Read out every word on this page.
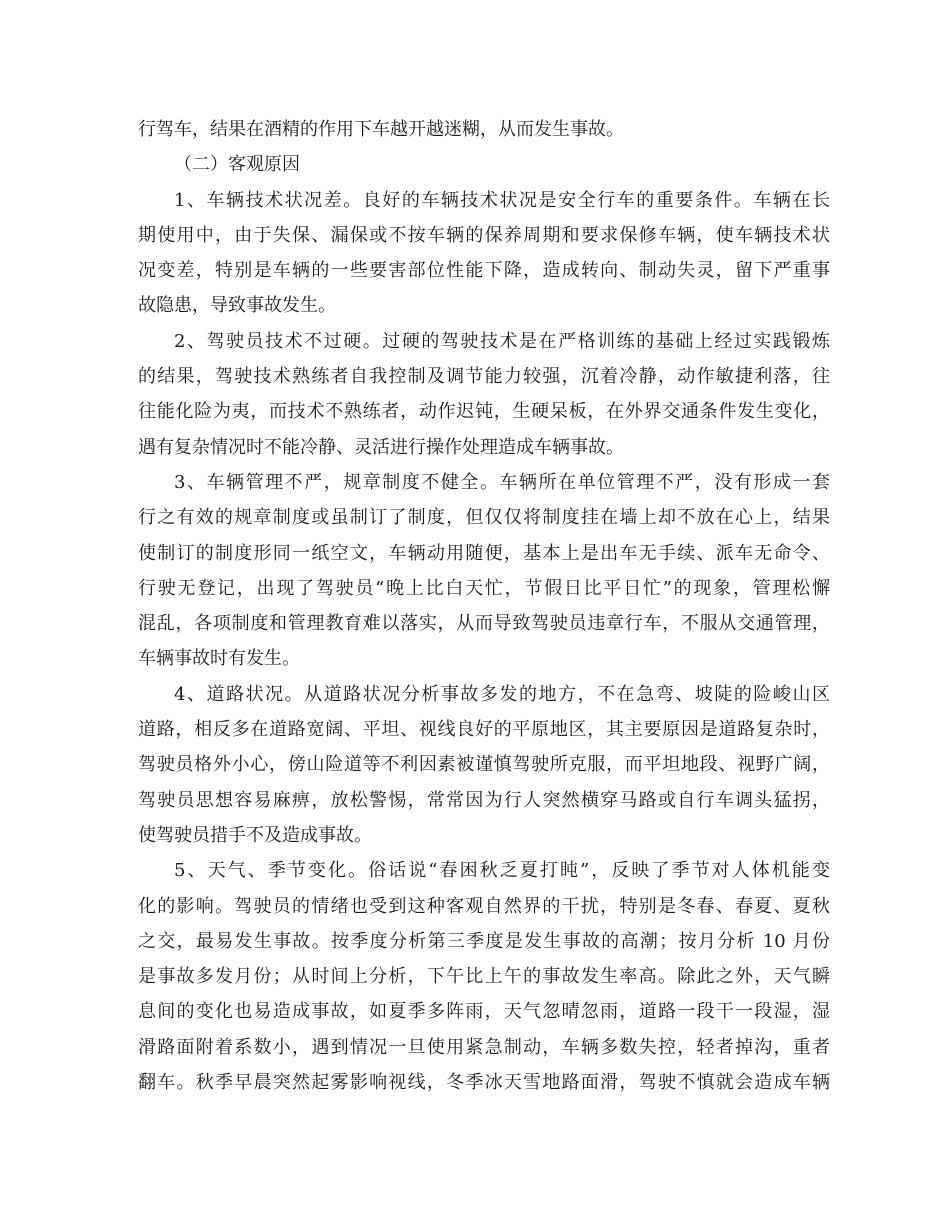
行驾车，结果在酒精的作用下车越开越迷糊，从而发生事故。
（二）客观原因
1、车辆技术状况差。良好的车辆技术状况是安全行车的重要条件。车辆在长
期使用中，由于失保、漏保或不按车辆的保养周期和要求保修车辆，使车辆技术状
况变差，特别是车辆的一些要害部位性能下降，造成转向、制动失灵，留下严重事
故隐患，导致事故发生。
2、驾驶员技术不过硬。过硬的驾驶技术是在严格训练的基础上经过实践锻炼
的结果，驾驶技术熟练者自我控制及调节能力较强，沉着冷静，动作敏捷利落，往
往能化险为夷，而技术不熟练者，动作迟钝，生硬呆板，在外界交通条件发生变化，
遇有复杂情况时不能冷静、灵活进行操作处理造成车辆事故。
3、车辆管理不严，规章制度不健全。车辆所在单位管理不严，没有形成一套
行之有效的规章制度或虽制订了制度，但仅仅将制度挂在墙上却不放在心上，结果
使制订的制度形同一纸空文，车辆动用随便，基本上是出车无手续、派车无命令、
行驶无登记，出现了驾驶员“晚上比白天忙，节假日比平日忙”的现象，管理松懈
混乱，各项制度和管理教育难以落实，从而导致驾驶员违章行车，不服从交通管理，
车辆事故时有发生。
4、道路状况。从道路状况分析事故多发的地方，不在急弯、坡陡的险峻山区
道路，相反多在道路宽阔、平坦、视线良好的平原地区，其主要原因是道路复杂时，
驾驶员格外小心，傍山险道等不利因素被谨慎驾驶所克服，而平坦地段、视野广阔，
驾驶员思想容易麻痹，放松警惕，常常因为行人突然横穿马路或自行车调头猛拐，
使驾驶员措手不及造成事故。
5、天气、季节变化。俗话说“春困秋乏夏打盹”，反映了季节对人体机能变
化的影响。驾驶员的情绪也受到这种客观自然界的干扰，特别是冬春、春夏、夏秋
之交，最易发生事故。按季度分析第三季度是发生事故的高潮；按月分析 10 月份
是事故多发月份；从时间上分析，下午比上午的事故发生率高。除此之外，天气瞬
息间的变化也易造成事故，如夏季多阵雨，天气忽晴忽雨，道路一段干一段湿，湿
滑路面附着系数小，遇到情况一旦使用紧急制动，车辆多数失控，轻者掉沟，重者
翻车。秋季早晨突然起雾影响视线，冬季冰天雪地路面滑，驾驶不慎就会造成车辆
